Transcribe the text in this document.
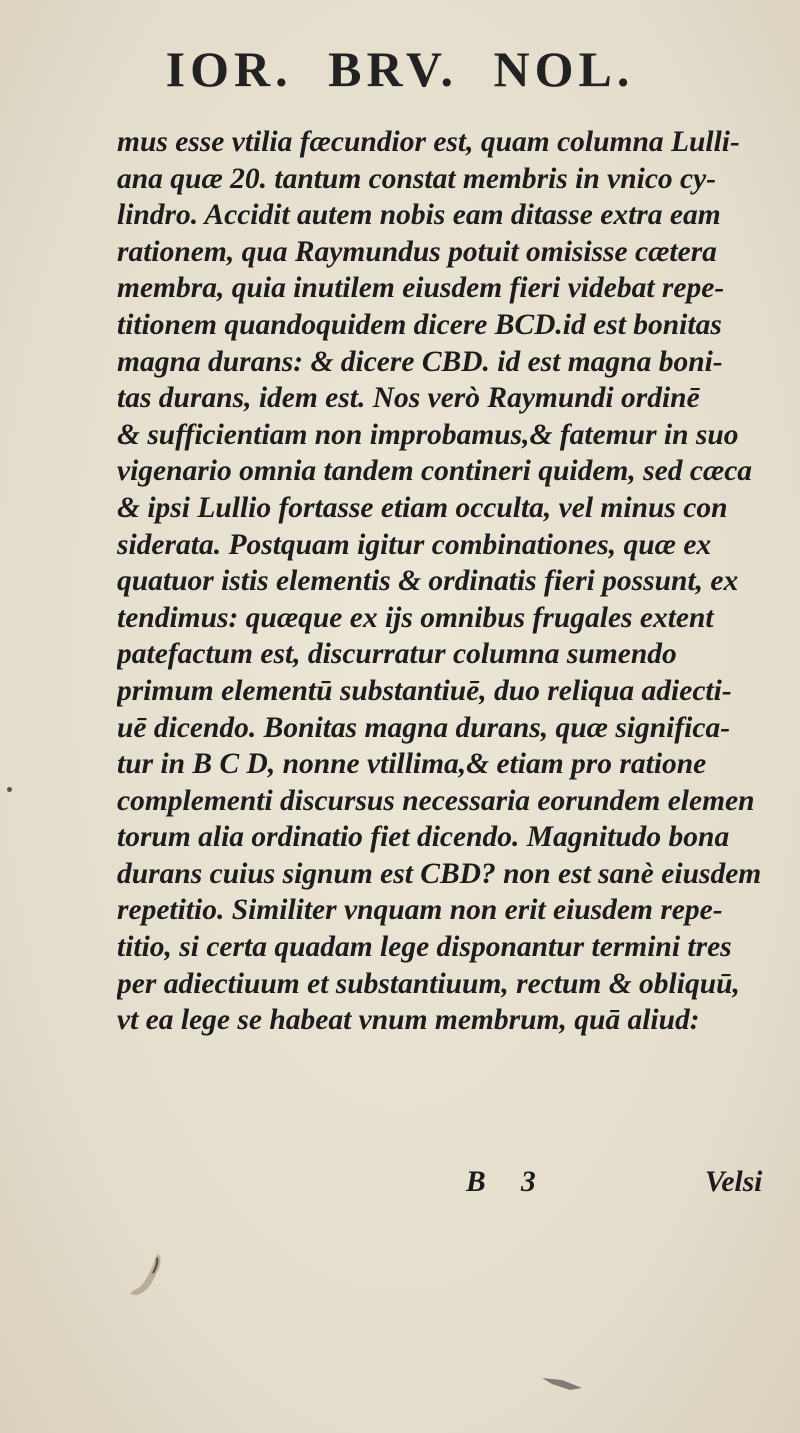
IOR. BRV. NOL.
mus esse vtilia fæcundior est, quam columna Lulli-
ana quæ 20. tantum constat membris in vnico cy-
lindro. Accidit autem nobis eam ditasse extra eam
rationem, qua Raymundus potuit omisisse cætera
membra, quia inutilem eiusdem fieri videbat repe-
titionem quandoquidem dicere BCD.id est bonitas
magna durans: & dicere CBD. id est magna boni-
tas durans, idem est. Nos verò Raymundi ordinē
& sufficientiam non improbamus,& fatemur in suo
vigenario omnia tandem contineri quidem, sed cæca
& ipsi Lullio fortasse etiam occulta, vel minus con
siderata. Postquam igitur combinationes, quæ ex
quatuor istis elementis & ordinatis fieri possunt, ex
tendimus: quæque ex ijs omnibus frugales extent
patefactum est, discurratur columna sumendo
primum elementū substantiuē, duo reliqua adiecti-
uē dicendo. Bonitas magna durans, quæ significa-
tur in B C D, nonne vtillima,& etiam pro ratione
complementi discursus necessaria eorundem elemen
torum alia ordinatio fiet dicendo. Magnitudo bona
durans cuius signum est CBD? non est sanè eiusdem
repetitio. Similiter vnquam non erit eiusdem repe-
titio, si certa quadam lege disponantur termini tres
per adiectiuum et substantiuum, rectum & obliquū,
vt ea lege se habeat vnum membrum, quā aliud:
B 3	Velsi
